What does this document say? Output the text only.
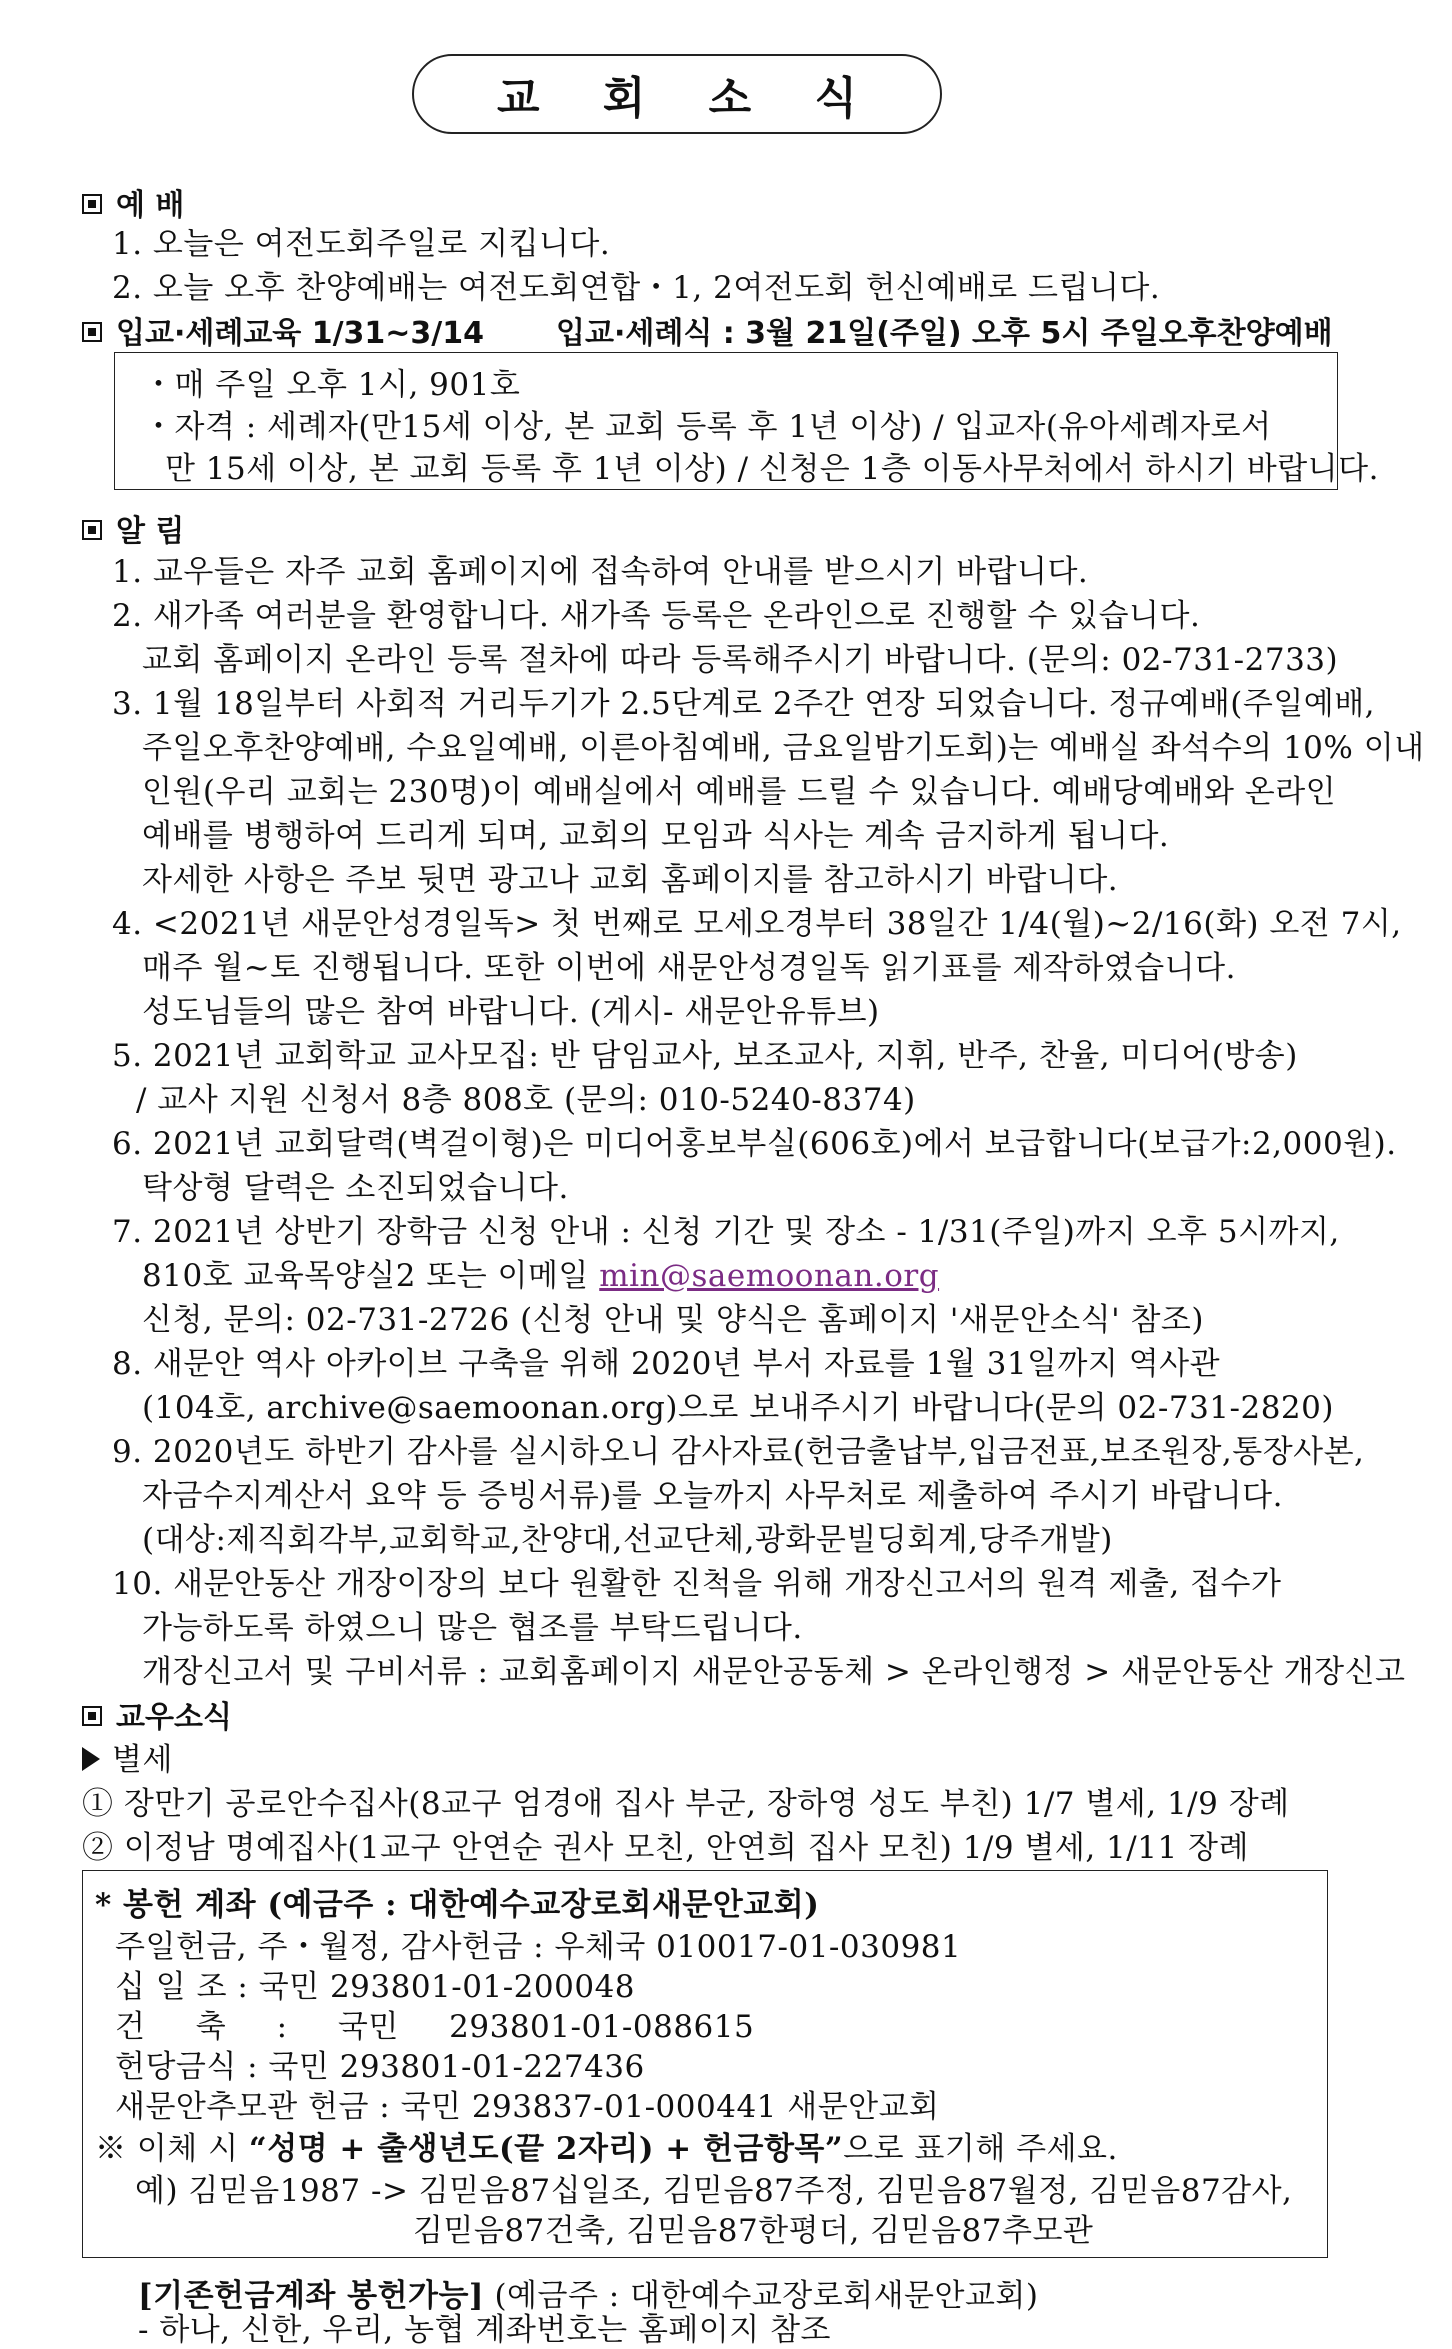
교 회 소 식
예 배
1. 오늘은 여전도회주일로 지킵니다.
2. 오늘 오후 찬양예배는 여전도회연합・1, 2여전도회 헌신예배로 드립니다.
입교·세례교육 1/31~3/14 입교·세례식 : 3월 21일(주일) 오후 5시 주일오후찬양예배
・매 주일 오후 1시, 901호
・자격 : 세례자(만15세 이상, 본 교회 등록 후 1년 이상) / 입교자(유아세례자로서
만 15세 이상, 본 교회 등록 후 1년 이상) / 신청은 1층 이동사무처에서 하시기 바랍니다.
알 림
1. 교우들은 자주 교회 홈페이지에 접속하여 안내를 받으시기 바랍니다.
2. 새가족 여러분을 환영합니다. 새가족 등록은 온라인으로 진행할 수 있습니다.
교회 홈페이지 온라인 등록 절차에 따라 등록해주시기 바랍니다. (문의: 02-731-2733)
3. 1월 18일부터 사회적 거리두기가 2.5단계로 2주간 연장 되었습니다. 정규예배(주일예배,
주일오후찬양예배, 수요일예배, 이른아침예배, 금요일밤기도회)는 예배실 좌석수의 10% 이내
인원(우리 교회는 230명)이 예배실에서 예배를 드릴 수 있습니다. 예배당예배와 온라인
예배를 병행하여 드리게 되며, 교회의 모임과 식사는 계속 금지하게 됩니다.
자세한 사항은 주보 뒷면 광고나 교회 홈페이지를 참고하시기 바랍니다.
4. <2021년 새문안성경일독> 첫 번째로 모세오경부터 38일간 1/4(월)~2/16(화) 오전 7시,
매주 월~토 진행됩니다. 또한 이번에 새문안성경일독 읽기표를 제작하였습니다.
성도님들의 많은 참여 바랍니다. (게시- 새문안유튜브)
5. 2021년 교회학교 교사모집: 반 담임교사, 보조교사, 지휘, 반주, 찬율, 미디어(방송)
/ 교사 지원 신청서 8층 808호 (문의: 010-5240-8374)
6. 2021년 교회달력(벽걸이형)은 미디어홍보부실(606호)에서 보급합니다(보급가:2,000원).
탁상형 달력은 소진되었습니다.
7. 2021년 상반기 장학금 신청 안내 : 신청 기간 및 장소 - 1/31(주일)까지 오후 5시까지,
810호 교육목양실2 또는 이메일 min@saemoonan.org
신청, 문의: 02-731-2726 (신청 안내 및 양식은 홈페이지 '새문안소식' 참조)
8. 새문안 역사 아카이브 구축을 위해 2020년 부서 자료를 1월 31일까지 역사관
(104호, archive@saemoonan.org)으로 보내주시기 바랍니다(문의 02-731-2820)
9. 2020년도 하반기 감사를 실시하오니 감사자료(헌금출납부,입금전표,보조원장,통장사본,
자금수지계산서 요약 등 증빙서류)를 오늘까지 사무처로 제출하여 주시기 바랍니다.
(대상:제직회각부,교회학교,찬양대,선교단체,광화문빌딩회계,당주개발)
10. 새문안동산 개장이장의 보다 원활한 진척을 위해 개장신고서의 원격 제출, 접수가
가능하도록 하였으니 많은 협조를 부탁드립니다.
개장신고서 및 구비서류 : 교회홈페이지 새문안공동체 > 온라인행정 > 새문안동산 개장신고
교우소식
별세
① 장만기 공로안수집사(8교구 엄경애 집사 부군, 장하영 성도 부친) 1/7 별세, 1/9 장례
② 이정남 명예집사(1교구 안연순 권사 모친, 안연희 집사 모친) 1/9 별세, 1/11 장례
* 봉헌 계좌 (예금주 : 대한예수교장로회새문안교회)
주일헌금, 주・월정, 감사헌금 : 우체국 010017-01-030981
십 일 조 : 국민 293801-01-200048
건 축 : 국민 293801-01-088615
헌당금식 : 국민 293801-01-227436
새문안추모관 헌금 : 국민 293837-01-000441 새문안교회
※ 이체 시 “성명 + 출생년도(끝 2자리) + 헌금항목”으로 표기해 주세요.
예) 김믿음1987 -> 김믿음87십일조, 김믿음87주정, 김믿음87월정, 김믿음87감사,
김믿음87건축, 김믿음87한평더, 김믿음87추모관
[기존헌금계좌 봉헌가능] (예금주 : 대한예수교장로회새문안교회)
- 하나, 신한, 우리, 농협 계좌번호는 홈페이지 참조
